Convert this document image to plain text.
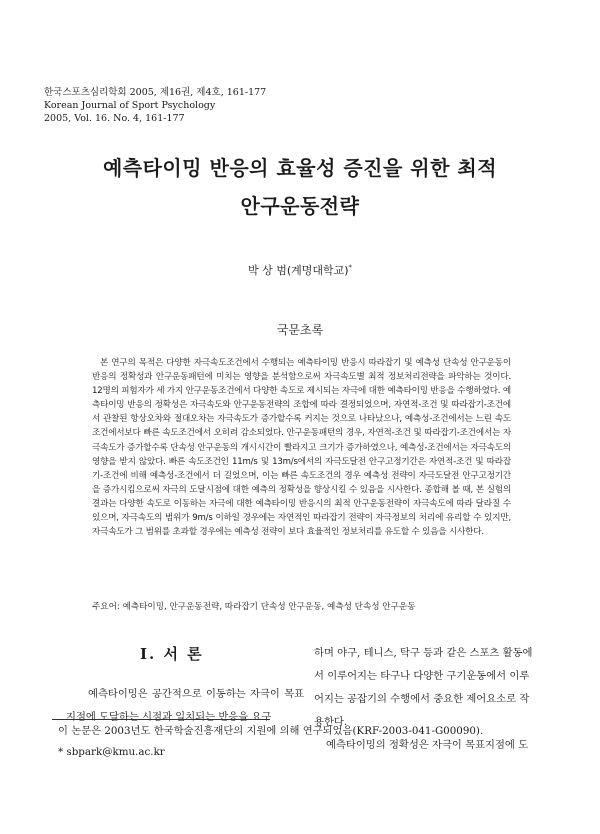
한국스포츠심리학회 2005, 제16권, 제4호, 161-177
Korean Journal of Sport Psychology
2005, Vol. 16. No. 4, 161-177
예측타이밍 반응의 효율성 증진을 위한 최적
안구운동전략
박 상 범(계명대학교)*
국문초록
본 연구의 목적은 다양한 자극속도조건에서 수행되는 예측타이밍 반응시 따라잡기 및 예측성 단속성 안구운동이 반응의 정확성과 안구운동패턴에 미치는 영향을 분석함으로써 자극속도별 최적 정보처리전략을 파악하는 것이다. 12명의 피험자가 세 가지 안구운동조건에서 다양한 속도로 제시되는 자극에 대한 예측타이밍 반응을 수행하였다. 예측타이밍 반응의 정확성은 자극속도와 안구운동전략의 조합에 따라 결정되었으며, 자연적-조건 및 따라잡기-조건에서 관찰된 항상오차와 절대오차는 자극속도가 증가할수록 커지는 것으로 나타났으나, 예측성-조건에서는 느린 속도조건에서보다 빠른 속도조건에서 오히려 감소되었다. 안구운동패턴의 경우, 자연적-조건 및 따라잡기-조건에서는 자극속도가 증가할수록 단속성 안구운동의 개시시간이 빨라지고 크기가 증가하였으나, 예측성-조건에서는 자극속도의 영향을 받지 않았다. 빠른 속도조건인 11m/s 및 13m/s에서의 자극도달전 안구고정기간은 자연적-조건 및 따라잡기-조건에 비해 예측성-조건에서 더 길었으며, 이는 빠른 속도조건의 경우 예측성 전략이 자극도달전 안구고정기간을 증가시킴으로써 자극의 도달시점에 대한 예측의 정확성을 향상시킬 수 있음을 시사한다. 종합해 볼 때, 본 실험의 결과는 다양한 속도로 이동하는 자극에 대한 예측타이밍 반응시의 최적 안구운동전략이 자극속도에 따라 달라질 수 있으며, 자극속도의 범위가 9m/s 이하일 경우에는 자연적인 따라잡기 전략이 자극정보의 처리에 유리할 수 있지만, 자극속도가 그 범위를 초과할 경우에는 예측성 전략이 보다 효율적인 정보처리를 유도할 수 있음을 시사한다.
주요어: 예측타이밍, 안구운동전략, 따라잡기 단속성 안구운동, 예측성 단속성 안구운동
I. 서 론

예측타이밍은 공간적으로 이동하는 자극이 목표지점에 도달하는 시점과 일치되는 반응을 요구

하며 야구, 테니스, 탁구 등과 같은 스포츠 활동에

서 이루어지는 타구나 다양한 구기운동에서 이루

어지는 공잡기의 수행에서 중요한 제어요소로 작

용한다.

예측타이밍의 정확성은 자극이 목표지점에 도

이 논문은 2003년도 한국학술진흥재단의 지원에 의해 연구되었음(KRF-2003-041-G00090).
* sbpark@kmu.ac.kr
